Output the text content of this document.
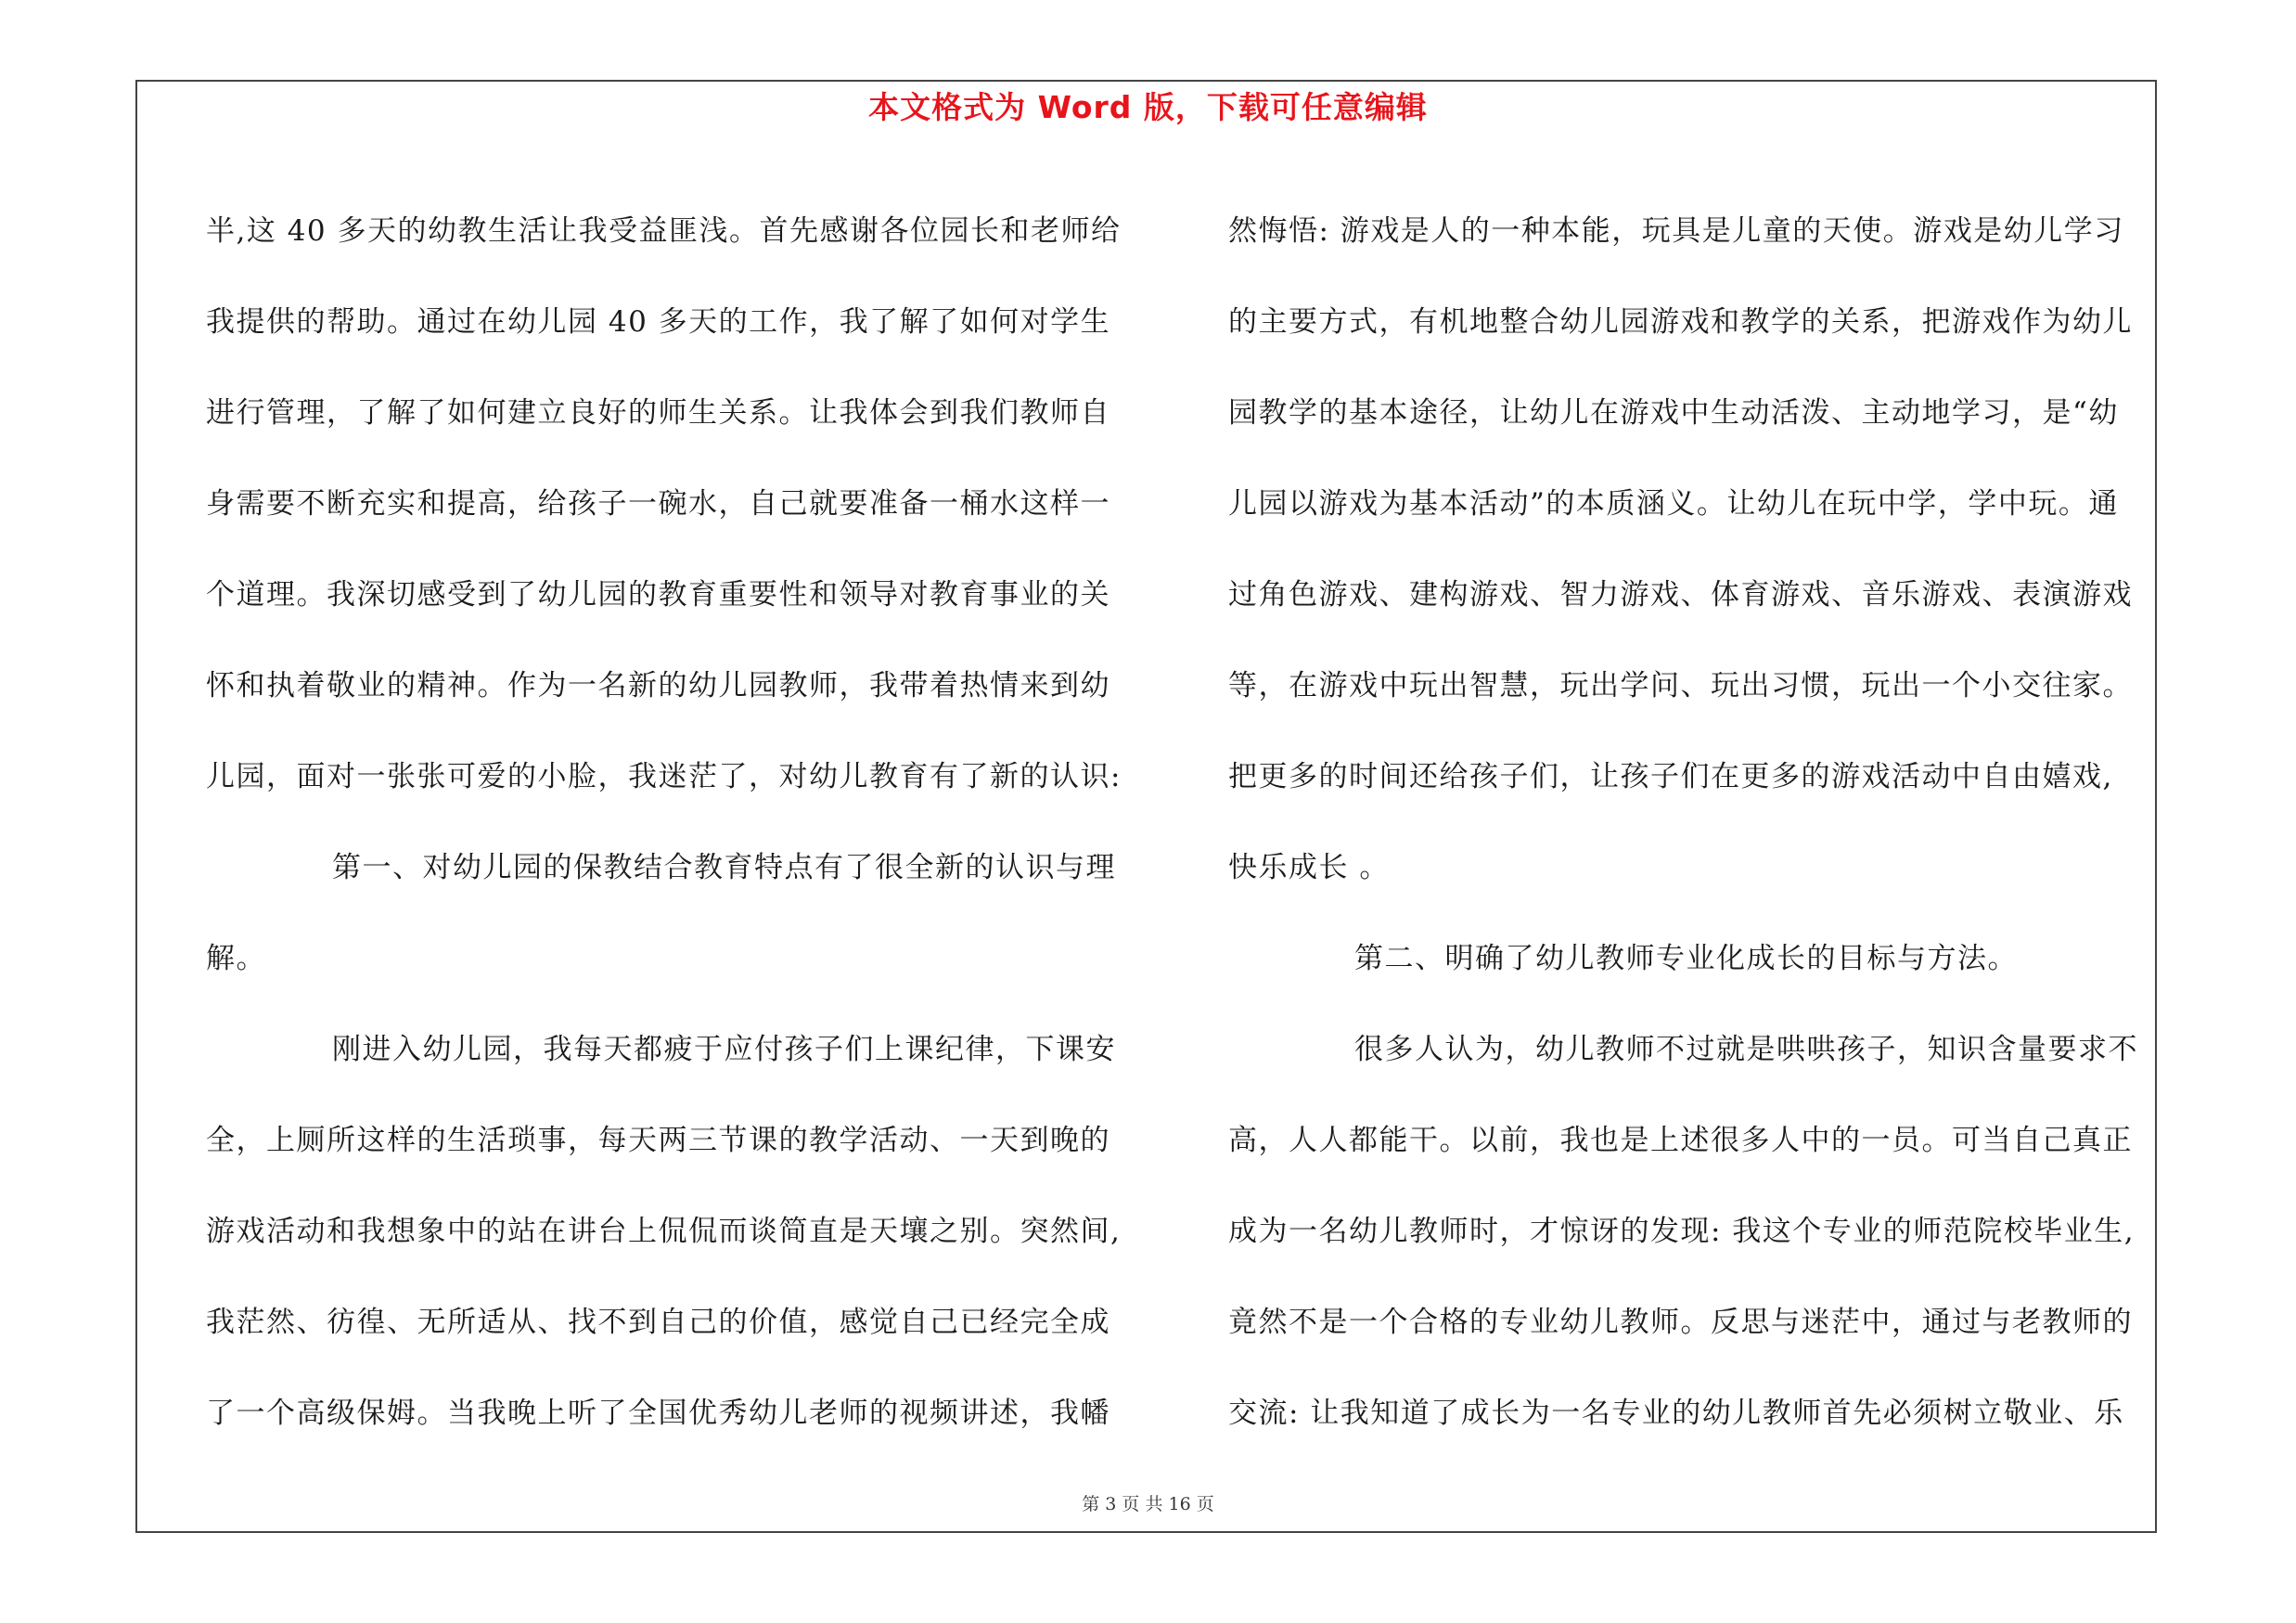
本文格式为 Word 版，下载可任意编辑
半,这 40 多天的幼教生活让我受益匪浅。首先感谢各位园长和老师给
我提供的帮助。通过在幼儿园 40 多天的工作，我了解了如何对学生
进行管理，了解了如何建立良好的师生关系。让我体会到我们教师自
身需要不断充实和提高，给孩子一碗水，自己就要准备一桶水这样一
个道理。我深切感受到了幼儿园的教育重要性和领导对教育事业的关
怀和执着敬业的精神。作为一名新的幼儿园教师，我带着热情来到幼
儿园，面对一张张可爱的小脸，我迷茫了，对幼儿教育有了新的认识:
第一、对幼儿园的保教结合教育特点有了很全新的认识与理
解。
刚进入幼儿园，我每天都疲于应付孩子们上课纪律，下课安
全，上厕所这样的生活琐事，每天两三节课的教学活动、一天到晚的
游戏活动和我想象中的站在讲台上侃侃而谈简直是天壤之别。突然间,
我茫然、彷徨、无所适从、找不到自己的价值，感觉自己已经完全成
了一个高级保姆。当我晚上听了全国优秀幼儿老师的视频讲述，我幡
然悔悟: 游戏是人的一种本能，玩具是儿童的天使。游戏是幼儿学习
的主要方式，有机地整合幼儿园游戏和教学的关系，把游戏作为幼儿
园教学的基本途径，让幼儿在游戏中生动活泼、主动地学习，是“幼
儿园以游戏为基本活动”的本质涵义。让幼儿在玩中学，学中玩。通
过角色游戏、建构游戏、智力游戏、体育游戏、音乐游戏、表演游戏
等，在游戏中玩出智慧，玩出学问、玩出习惯，玩出一个小交往家。
把更多的时间还给孩子们，让孩子们在更多的游戏活动中自由嬉戏,
快乐成长 。
第二、明确了幼儿教师专业化成长的目标与方法。
很多人认为，幼儿教师不过就是哄哄孩子，知识含量要求不
高，人人都能干。以前，我也是上述很多人中的一员。可当自己真正
成为一名幼儿教师时，才惊讶的发现: 我这个专业的师范院校毕业生,
竟然不是一个合格的专业幼儿教师。反思与迷茫中，通过与老教师的
交流: 让我知道了成长为一名专业的幼儿教师首先必须树立敬业、乐
第 3 页 共 16 页
